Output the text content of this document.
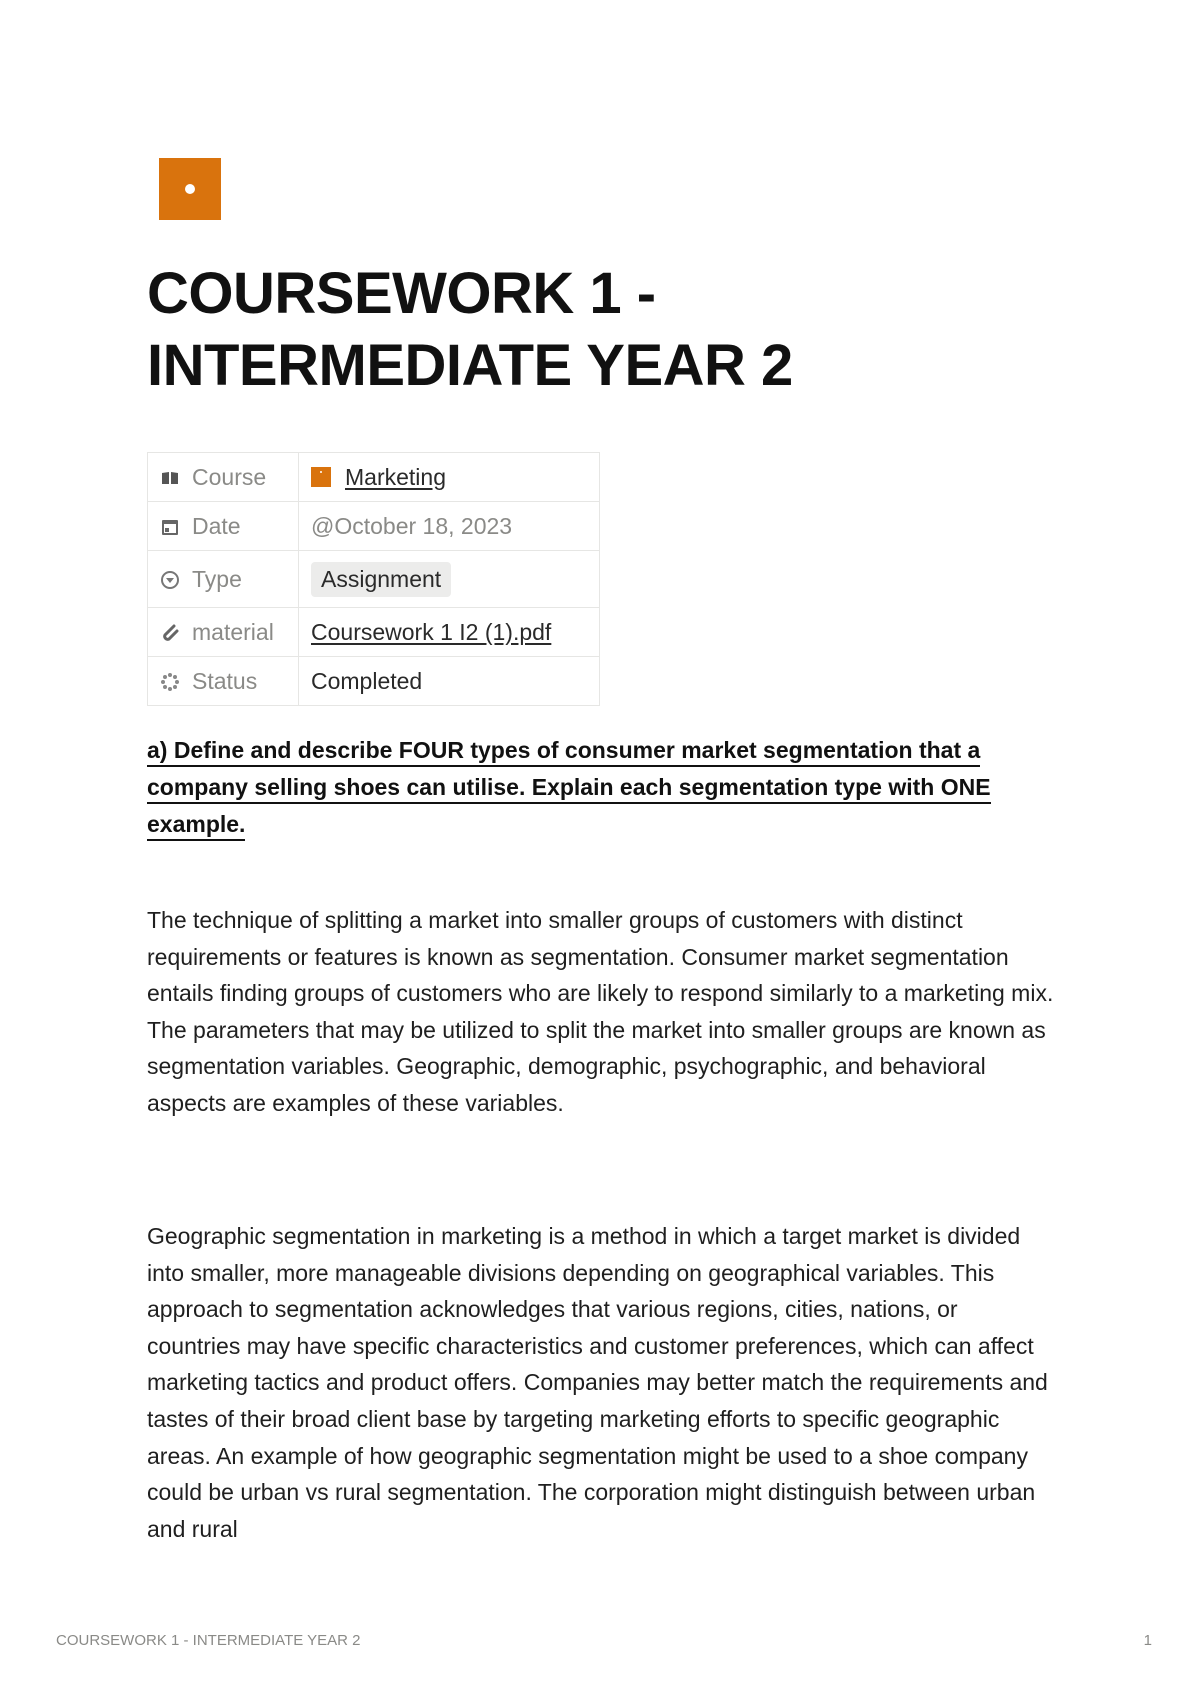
COURSEWORK 1 - INTERMEDIATE YEAR 2
Course	Marketing

Date	@October 18, 2023

Type	Assignment

material	Coursework 1 I2 (1).pdf

Status	Completed

a) Define and describe FOUR types of consumer market segmentation that a company selling shoes can utilise. Explain each segmentation type with ONE example.

The technique of splitting a market into smaller groups of customers with distinct requirements or features is known as segmentation. Consumer market segmentation entails finding groups of customers who are likely to respond similarly to a marketing mix. The parameters that may be utilized to split the market into smaller groups are known as segmentation variables. Geographic, demographic, psychographic, and behavioral aspects are examples of these variables.

Geographic segmentation in marketing is a method in which a target market is divided into smaller, more manageable divisions depending on geographical variables. This approach to segmentation acknowledges that various regions, cities, nations, or countries may have specific characteristics and customer preferences, which can affect marketing tactics and product offers. Companies may better match the requirements and tastes of their broad client base by targeting marketing efforts to specific geographic areas. An example of how geographic segmentation might be used to a shoe company could be urban vs rural segmentation. The corporation might distinguish between urban and rural

COURSEWORK 1 - INTERMEDIATE YEAR 2	1
